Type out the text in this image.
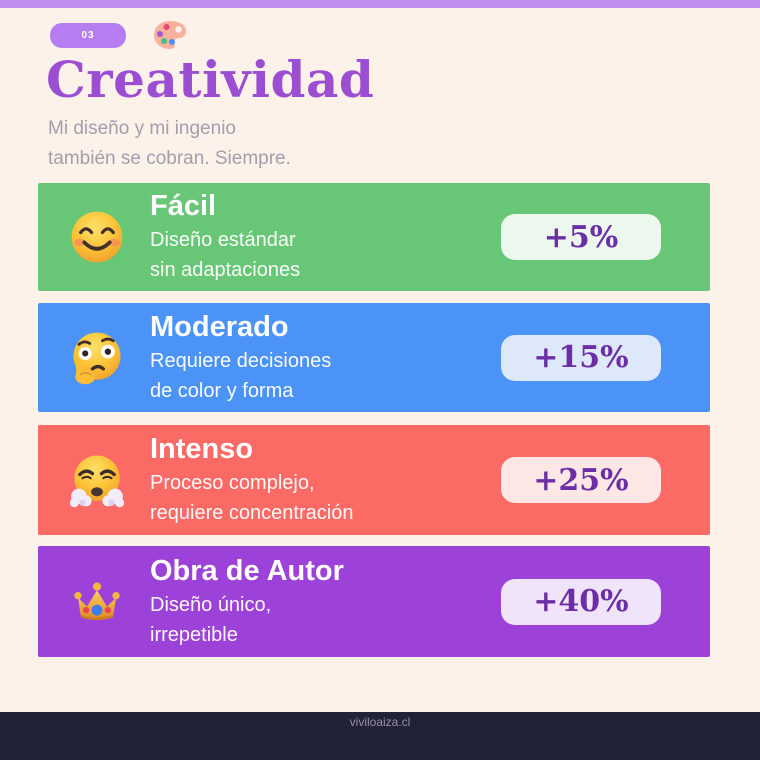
03
Creatividad
Mi diseño y mi ingenio
también se cobran. Siempre.
Fácil
Diseño estándar
sin adaptaciones
+5%
Moderado
Requiere decisiones
de color y forma
+15%
Intenso
Proceso complejo,
requiere concentración
+25%
Obra de Autor
Diseño único,
irrepetible
+40%
viviloaiza.cl
